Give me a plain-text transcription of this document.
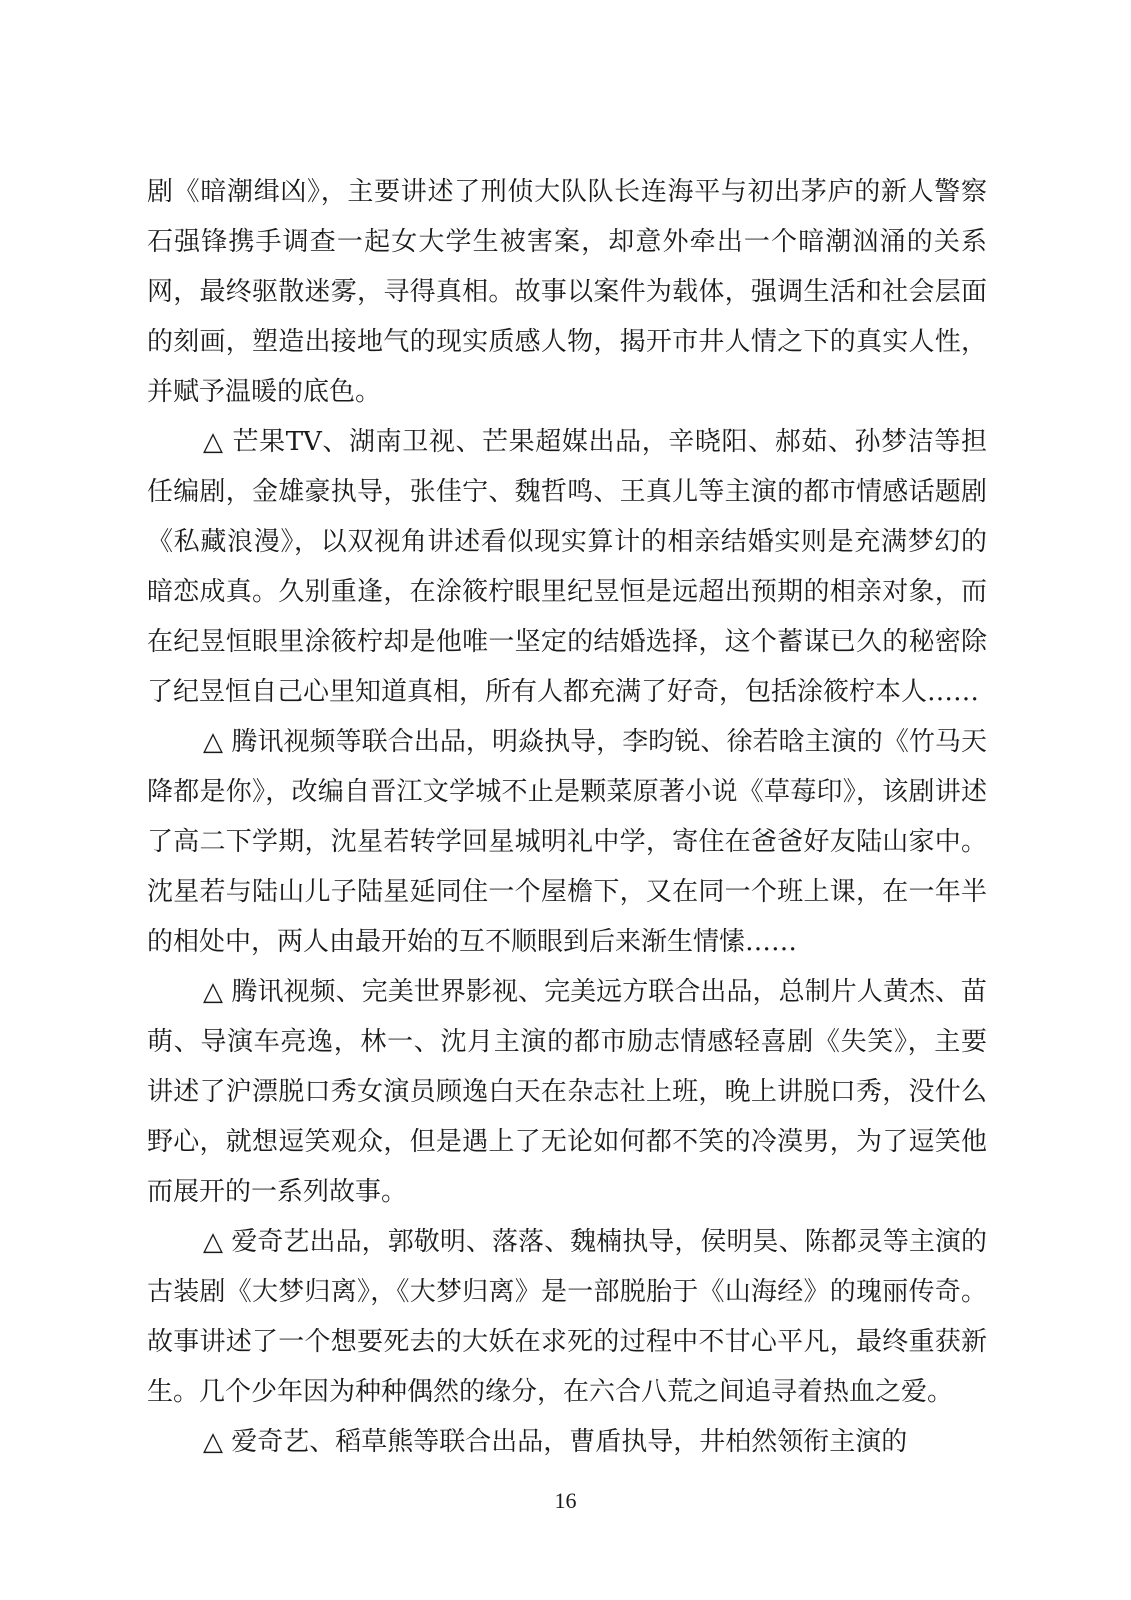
剧《暗潮缉凶》，主要讲述了刑侦大队队长连海平与初出茅庐的新人警察石强锋携手调查一起女大学生被害案，却意外牵出一个暗潮汹涌的关系网，最终驱散迷雾，寻得真相。故事以案件为载体，强调生活和社会层面的刻画，塑造出接地气的现实质感人物，揭开市井人情之下的真实人性，并赋予温暖的底色。

△ 芒果TV、湖南卫视、芒果超媒出品，辛晓阳、郝茹、孙梦洁等担任编剧，金雄豪执导，张佳宁、魏哲鸣、王真儿等主演的都市情感话题剧《私藏浪漫》，以双视角讲述看似现实算计的相亲结婚实则是充满梦幻的暗恋成真。久别重逢，在涂筱柠眼里纪昱恒是远超出预期的相亲对象，而在纪昱恒眼里涂筱柠却是他唯一坚定的结婚选择，这个蓄谋已久的秘密除了纪昱恒自己心里知道真相，所有人都充满了好奇，包括涂筱柠本人……

△ 腾讯视频等联合出品，明焱执导，李昀锐、徐若晗主演的《竹马天降都是你》，改编自晋江文学城不止是颗菜原著小说《草莓印》，该剧讲述了高二下学期，沈星若转学回星城明礼中学，寄住在爸爸好友陆山家中。沈星若与陆山儿子陆星延同住一个屋檐下，又在同一个班上课，在一年半的相处中，两人由最开始的互不顺眼到后来渐生情愫……

△ 腾讯视频、完美世界影视、完美远方联合出品，总制片人黄杰、苗萌、导演车亮逸，林一、沈月主演的都市励志情感轻喜剧《失笑》，主要讲述了沪漂脱口秀女演员顾逸白天在杂志社上班，晚上讲脱口秀，没什么野心，就想逗笑观众，但是遇上了无论如何都不笑的冷漠男，为了逗笑他而展开的一系列故事。

△ 爱奇艺出品，郭敬明、落落、魏楠执导，侯明昊、陈都灵等主演的古装剧《大梦归离》，《大梦归离》是一部脱胎于《山海经》的瑰丽传奇。故事讲述了一个想要死去的大妖在求死的过程中不甘心平凡，最终重获新生。几个少年因为种种偶然的缘分，在六合八荒之间追寻着热血之爱。

△ 爱奇艺、稻草熊等联合出品，曹盾执导，井柏然领衔主演的

16
